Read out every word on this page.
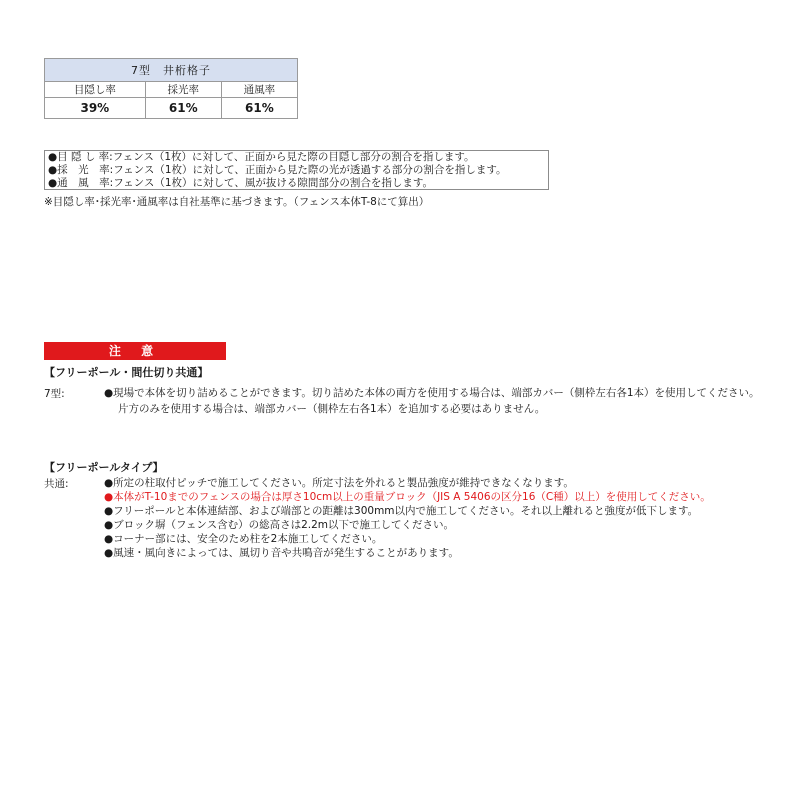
7型　井桁格子		
目隠し率	採光率	通風率
39%	61%	61%
●目 隠 し 率:フェンス（1枚）に対して、正面から見た際の目隠し部分の割合を指します。
●採　光　率:フェンス（1枚）に対して、正面から見た際の光が透過する部分の割合を指します。
●通　風　率:フェンス（1枚）に対して、風が抜ける隙間部分の割合を指します。
※目隠し率･採光率･通風率は自社基準に基づきます。（フェンス本体T-8にて算出）
注 意
【フリーポール・間仕切り共通】
7型:	●現場で本体を切り詰めることができます。切り詰めた本体の両方を使用する場合は、端部カバー（側枠左右各1本）を使用してください。
片方のみを使用する場合は、端部カバー（側枠左右各1本）を追加する必要はありません。
【フリーポールタイプ】
共通:	●所定の柱取付ピッチで施工してください。所定寸法を外れると製品強度が維持できなくなります。
●本体がT-10までのフェンスの場合は厚さ10cm以上の重量ブロック（JIS A 5406の区分16（C種）以上）を使用してください。
●フリーポールと本体連結部、および端部との距離は300mm以内で施工してください。それ以上離れると強度が低下します。
●ブロック塀（フェンス含む）の総高さは2.2m以下で施工してください。
●コーナー部には、安全のため柱を2本施工してください。
●風速・風向きによっては、風切り音や共鳴音が発生することがあります。
